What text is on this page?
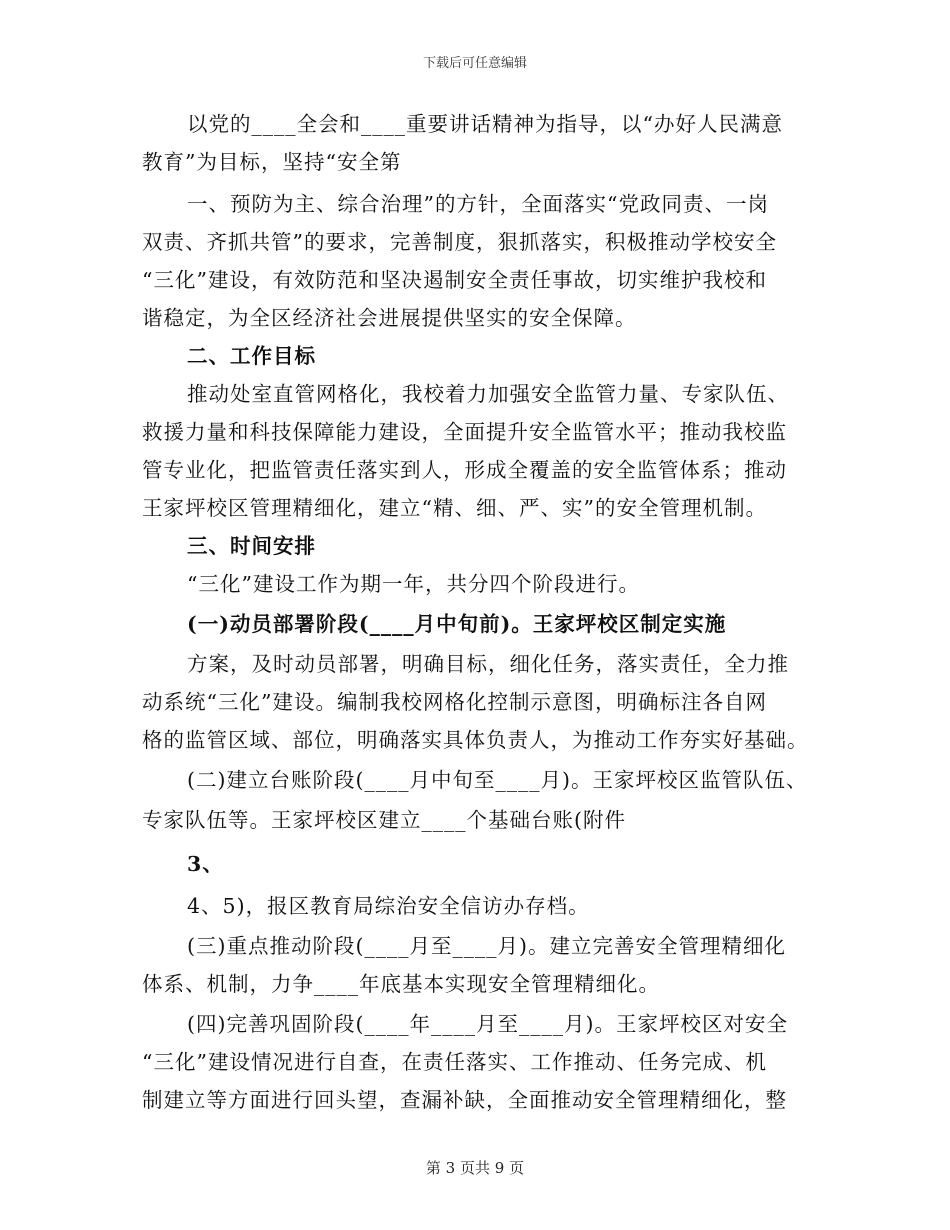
下载后可任意编辑
以党的____全会和____重要讲话精神为指导，以“办好人民满意
教育”为目标，坚持“安全第
一、预防为主、综合治理”的方针，全面落实“党政同责、一岗
双责、齐抓共管”的要求，完善制度，狠抓落实，积极推动学校安全
“三化”建设，有效防范和坚决遏制安全责任事故，切实维护我校和
谐稳定，为全区经济社会进展提供坚实的安全保障。
二、工作目标
推动处室直管网格化，我校着力加强安全监管力量、专家队伍、
救援力量和科技保障能力建设，全面提升安全监管水平；推动我校监
管专业化，把监管责任落实到人，形成全覆盖的安全监管体系；推动
王家坪校区管理精细化，建立“精、细、严、实”的安全管理机制。
三、时间安排
“三化”建设工作为期一年，共分四个阶段进行。
(一)动员部署阶段(____月中旬前)。王家坪校区制定实施
方案，及时动员部署，明确目标，细化任务，落实责任，全力推
动系统“三化”建设。编制我校网格化控制示意图，明确标注各自网
格的监管区域、部位，明确落实具体负责人，为推动工作夯实好基础。
(二)建立台账阶段(____月中旬至____月)。王家坪校区监管队伍、
专家队伍等。王家坪校区建立____个基础台账(附件
3、
4、5)，报区教育局综治安全信访办存档。
(三)重点推动阶段(____月至____月)。建立完善安全管理精细化
体系、机制，力争____年底基本实现安全管理精细化。
(四)完善巩固阶段(____年____月至____月)。王家坪校区对安全
“三化”建设情况进行自查，在责任落实、工作推动、任务完成、机
制建立等方面进行回头望，查漏补缺，全面推动安全管理精细化，整
第 3 页共 9 页
